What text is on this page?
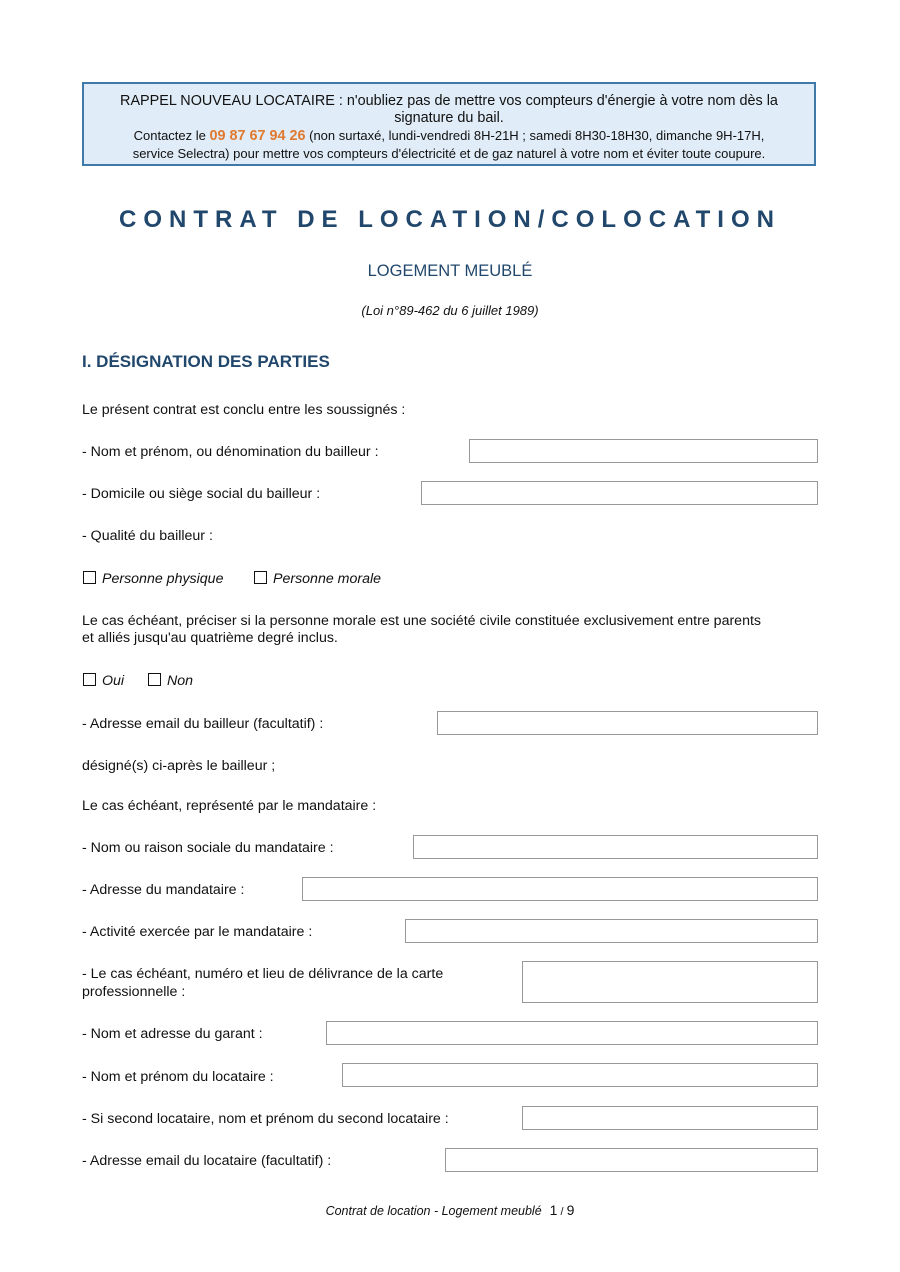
RAPPEL NOUVEAU LOCATAIRE : n'oubliez pas de mettre vos compteurs d'énergie à votre nom dès la
signature du bail.
Contactez le 09 87 67 94 26 (non surtaxé, lundi-vendredi 8H-21H ; samedi 8H30-18H30, dimanche 9H-17H,
service Selectra) pour mettre vos compteurs d'électricité et de gaz naturel à votre nom et éviter toute coupure.
CONTRAT DE LOCATION/COLOCATION
LOGEMENT MEUBLÉ
(Loi n°89-462 du 6 juillet 1989)
I. DÉSIGNATION DES PARTIES
Le présent contrat est conclu entre les soussignés :
- Nom et prénom, ou dénomination du bailleur :
- Domicile ou siège social du bailleur :
- Qualité du bailleur :
Personne physique	Personne morale
Le cas échéant, préciser si la personne morale est une société civile constituée exclusivement entre parents
et alliés jusqu'au quatrième degré inclus.
Oui	Non
- Adresse email du bailleur (facultatif) :
désigné(s) ci-après le bailleur ;
Le cas échéant, représenté par le mandataire :
- Nom ou raison sociale du mandataire :
- Adresse du mandataire :
- Activité exercée par le mandataire :
- Le cas échéant, numéro et lieu de délivrance de la carte
professionnelle :
- Nom et adresse du garant :
- Nom et prénom du locataire :
- Si second locataire, nom et prénom du second locataire :
- Adresse email du locataire (facultatif) :
Contrat de location - Logement meublé 1 / 9
